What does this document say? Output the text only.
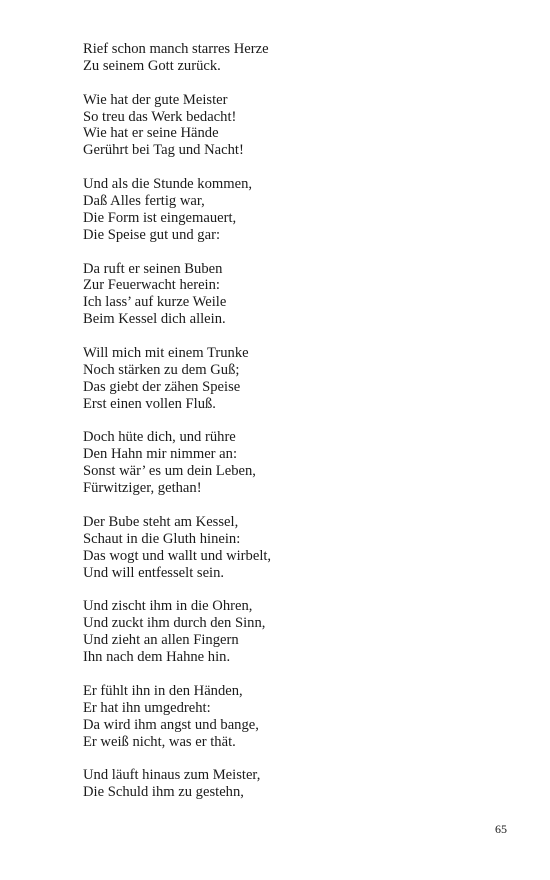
Rief schon manch starres Herze
Zu seinem Gott zurück.
Wie hat der gute Meister
So treu das Werk bedacht!
Wie hat er seine Hände
Gerührt bei Tag und Nacht!
Und als die Stunde kommen,
Daß Alles fertig war,
Die Form ist eingemauert,
Die Speise gut und gar:
Da ruft er seinen Buben
Zur Feuerwacht herein:
Ich lass’ auf kurze Weile
Beim Kessel dich allein.
Will mich mit einem Trunke
Noch stärken zu dem Guß;
Das giebt der zähen Speise
Erst einen vollen Fluß.
Doch hüte dich, und rühre
Den Hahn mir nimmer an:
Sonst wär’ es um dein Leben,
Fürwitziger, gethan!
Der Bube steht am Kessel,
Schaut in die Gluth hinein:
Das wogt und wallt und wirbelt,
Und will entfesselt sein.
Und zischt ihm in die Ohren,
Und zuckt ihm durch den Sinn,
Und zieht an allen Fingern
Ihn nach dem Hahne hin.
Er fühlt ihn in den Händen,
Er hat ihn umgedreht:
Da wird ihm angst und bange,
Er weiß nicht, was er thät.
Und läuft hinaus zum Meister,
Die Schuld ihm zu gestehn,
65
